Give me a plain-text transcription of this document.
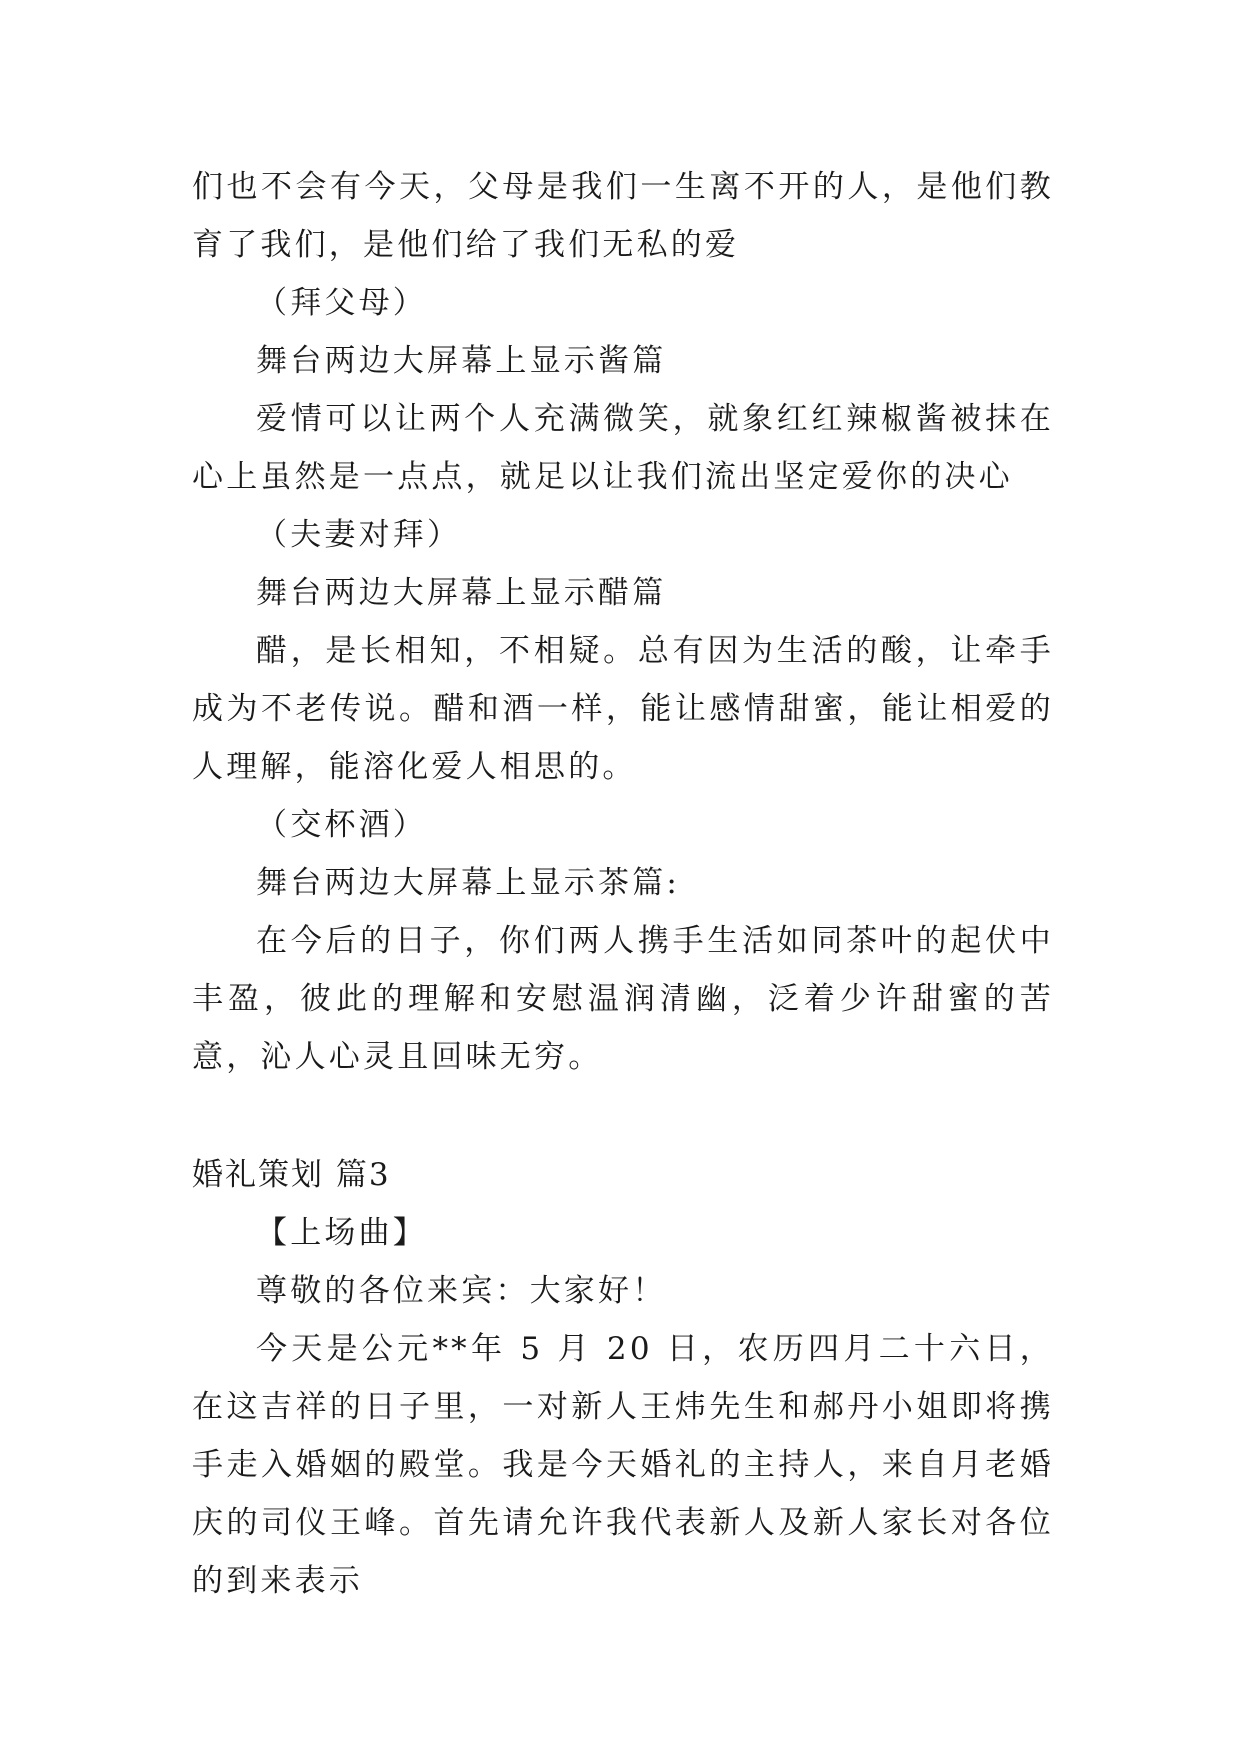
们也不会有今天，父母是我们一生离不开的人，是他们教育了我们，是他们给了我们无私的爱

（拜父母）

舞台两边大屏幕上显示酱篇

爱情可以让两个人充满微笑，就象红红辣椒酱被抹在心上虽然是一点点，就足以让我们流出坚定爱你的决心

（夫妻对拜）

舞台两边大屏幕上显示醋篇

醋，是长相知，不相疑。总有因为生活的酸，让牵手成为不老传说。醋和酒一样，能让感情甜蜜，能让相爱的人理解，能溶化爱人相思的。

（交杯酒）

舞台两边大屏幕上显示茶篇:

在今后的日子，你们两人携手生活如同茶叶的起伏中丰盈，彼此的理解和安慰温润清幽，泛着少许甜蜜的苦意，沁人心灵且回味无穷。

婚礼策划 篇3

【上场曲】

尊敬的各位来宾：大家好！

今天是公元**年 5 月 20 日，农历四月二十六日，在这吉祥的日子里，一对新人王炜先生和郝丹小姐即将携手走入婚姻的殿堂。我是今天婚礼的主持人，来自月老婚庆的司仪王峰。首先请允许我代表新人及新人家长对各位的到来表示
